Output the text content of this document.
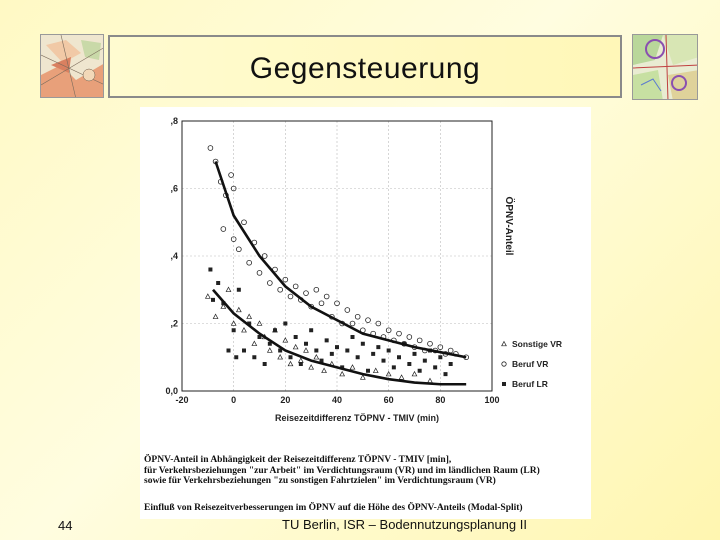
Gegensteuerung
-20	0	20	40	60	80	100
0,0
,2
,4
,6
,8
Reisezeitdifferenz TÖPNV - TMIV (min)
ÖPNV-Anteil
Sonstige VR
Beruf VR
Beruf LR
ÖPNV-Anteil in Abhängigkeit der Reisezeitdifferenz TÖPNV - TMIV [min],
für Verkehrsbeziehungen "zur Arbeit" im Verdichtungsraum (VR) und im ländlichen Raum (LR)
sowie für Verkehrsbeziehungen "zu sonstigen Fahrtzielen" im Verdichtungsraum (VR)
Einfluß von Reisezeitverbesserungen im ÖPNV auf die Höhe des ÖPNV-Anteils (Modal-Split)
44	TU Berlin, ISR – Bodennutzungsplanung II
